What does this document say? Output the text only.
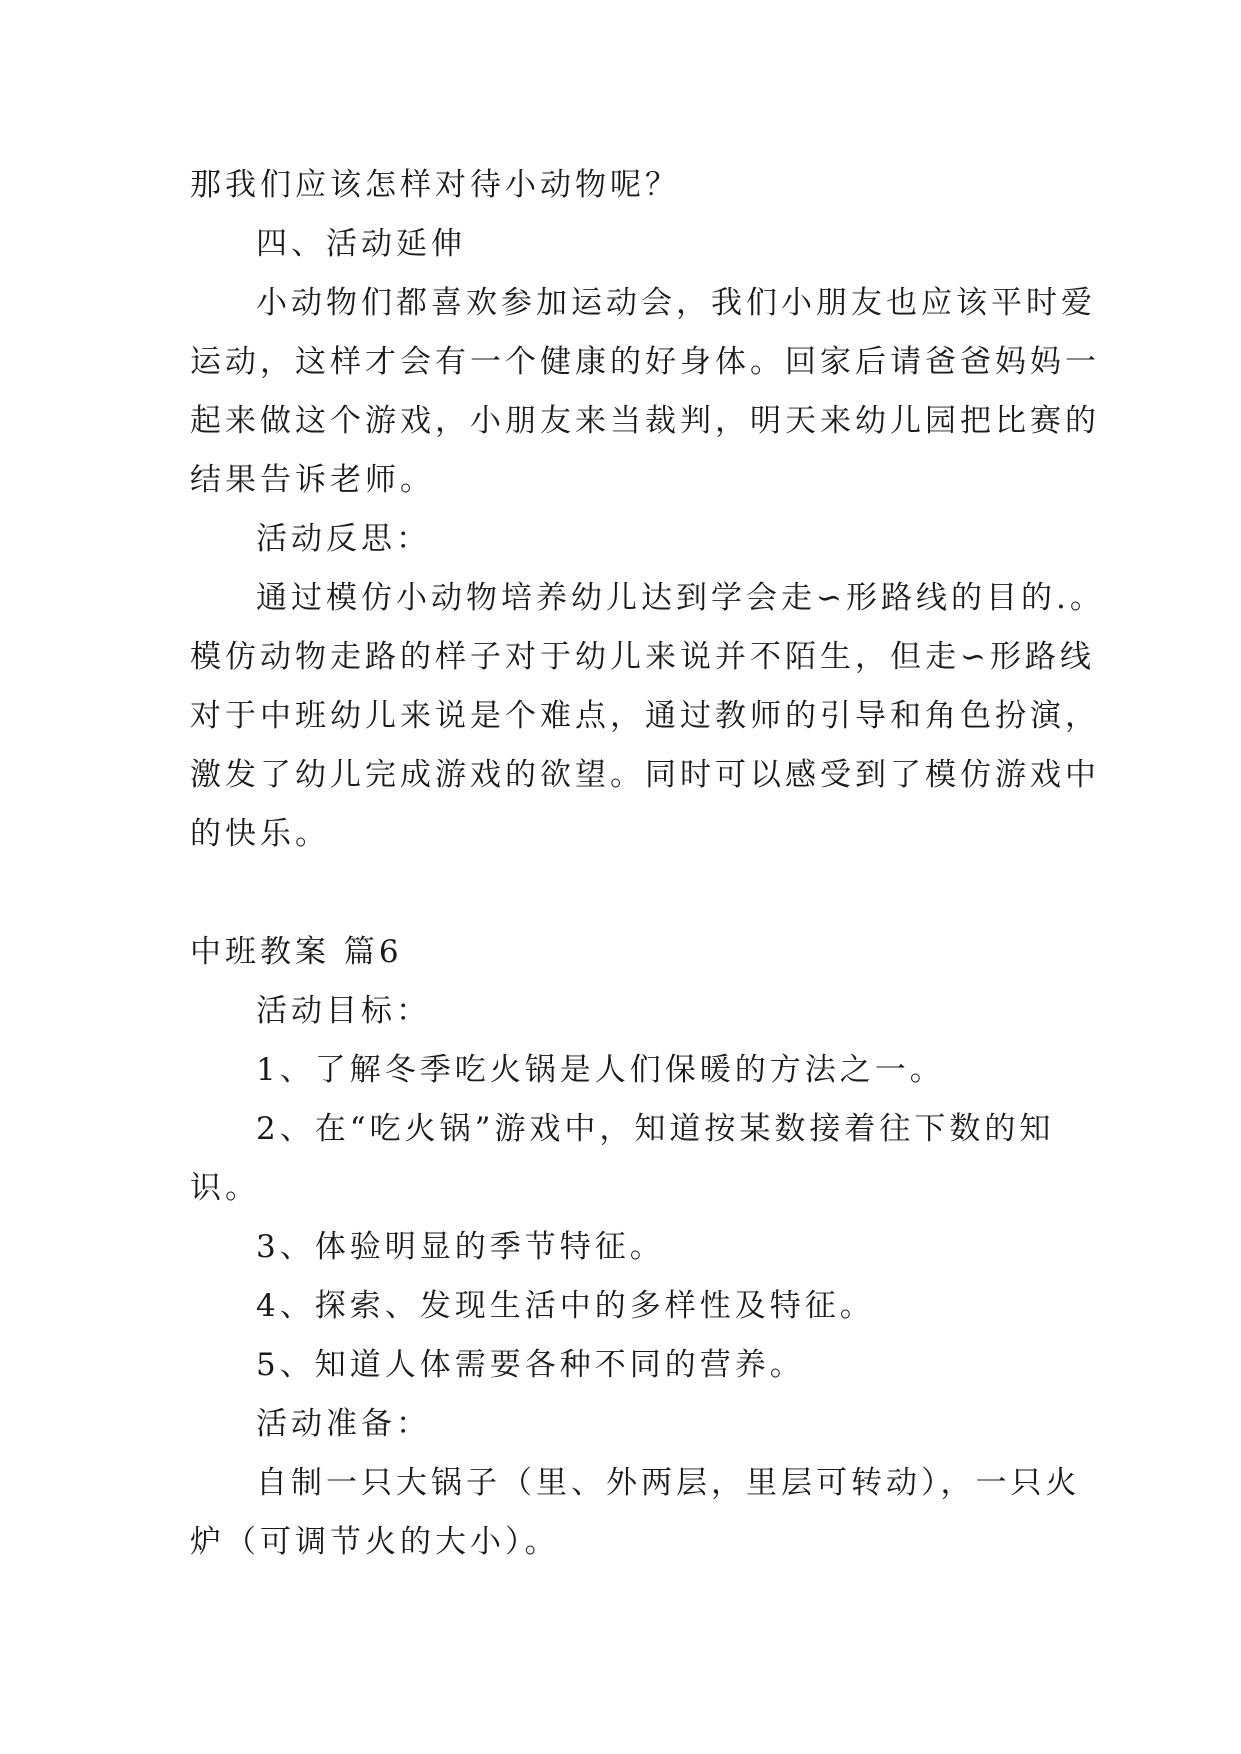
那我们应该怎样对待小动物呢？
四、活动延伸
小动物们都喜欢参加运动会，我们小朋友也应该平时爱
运动，这样才会有一个健康的好身体。回家后请爸爸妈妈一
起来做这个游戏，小朋友来当裁判，明天来幼儿园把比赛的
结果告诉老师。
活动反思：
通过模仿小动物培养幼儿达到学会走∽形路线的目的.。
模仿动物走路的样子对于幼儿来说并不陌生，但走∽形路线
对于中班幼儿来说是个难点，通过教师的引导和角色扮演，
激发了幼儿完成游戏的欲望。同时可以感受到了模仿游戏中
的快乐。
中班教案 篇6
活动目标：
1、了解冬季吃火锅是人们保暖的方法之一。
2、在“吃火锅”游戏中，知道按某数接着往下数的知
识。
3、体验明显的季节特征。
4、探索、发现生活中的多样性及特征。
5、知道人体需要各种不同的营养。
活动准备：
自制一只大锅子（里、外两层，里层可转动），一只火
炉（可调节火的大小）。
